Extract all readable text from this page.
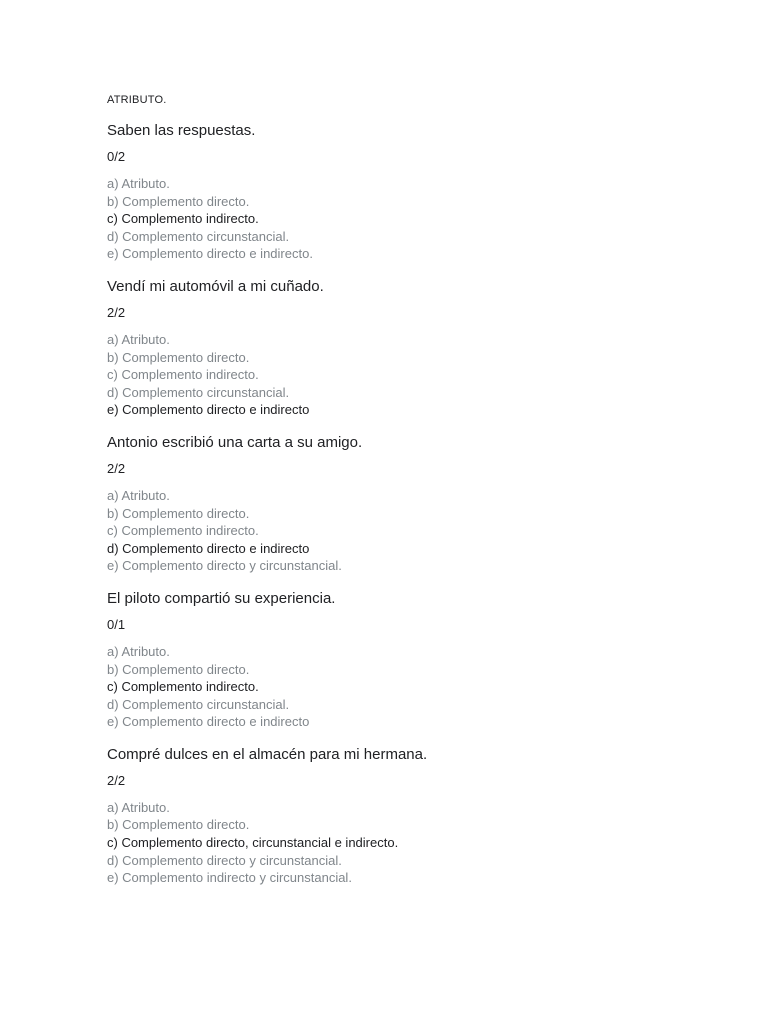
ATRIBUTO.
Saben las respuestas.
0/2
a) Atributo.
b) Complemento directo.
c) Complemento indirecto.
d) Complemento circunstancial.
e) Complemento directo e indirecto.
Vendí mi automóvil a mi cuñado.
2/2
a) Atributo.
b) Complemento directo.
c) Complemento indirecto.
d) Complemento circunstancial.
e) Complemento directo e indirecto
Antonio escribió una carta a su amigo.
2/2
a) Atributo.
b) Complemento directo.
c) Complemento indirecto.
d) Complemento directo e indirecto
e) Complemento directo y circunstancial.
El piloto compartió su experiencia.
0/1
a) Atributo.
b) Complemento directo.
c) Complemento indirecto.
d) Complemento circunstancial.
e) Complemento directo e indirecto
Compré dulces en el almacén para mi hermana.
2/2
a) Atributo.
b) Complemento directo.
c) Complemento directo, circunstancial e indirecto.
d) Complemento directo y circunstancial.
e) Complemento indirecto y circunstancial.
